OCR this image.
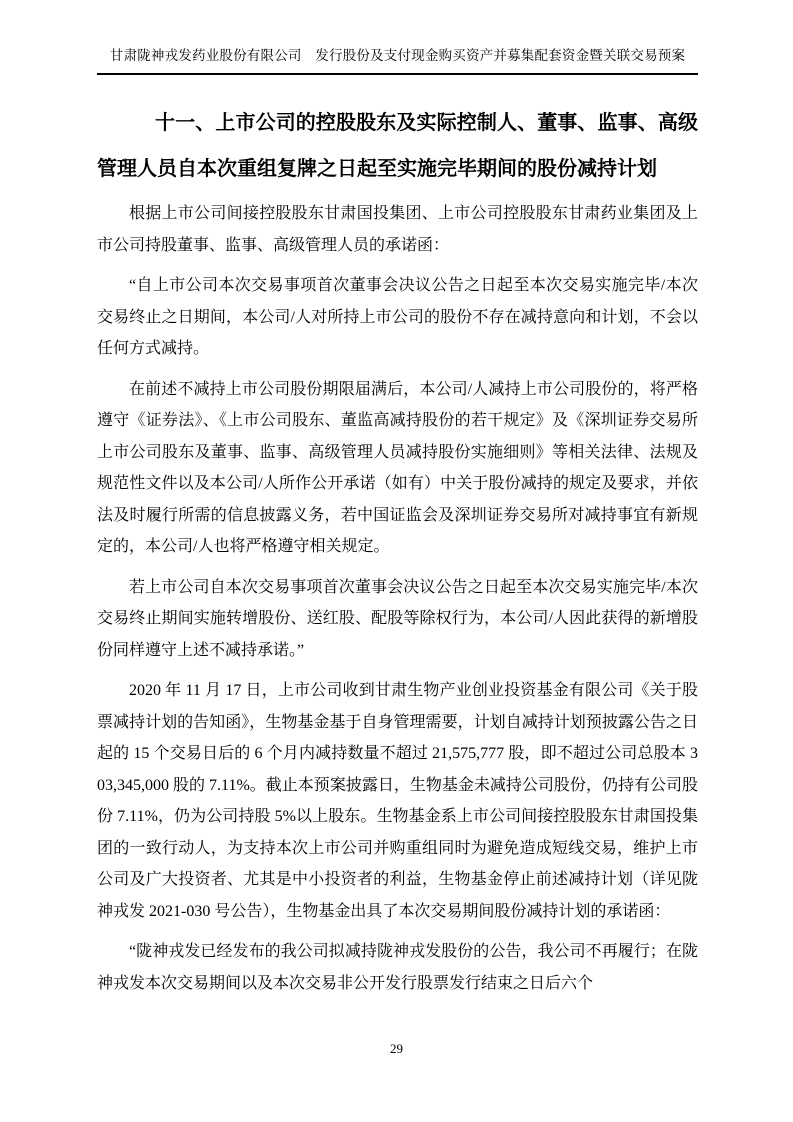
甘肃陇神戎发药业股份有限公司　发行股份及支付现金购买资产并募集配套资金暨关联交易预案
十一、上市公司的控股股东及实际控制人、董事、监事、高级管理人员自本次重组复牌之日起至实施完毕期间的股份减持计划

根据上市公司间接控股股东甘肃国投集团、上市公司控股股东甘肃药业集团及上市公司持股董事、监事、高级管理人员的承诺函：

“自上市公司本次交易事项首次董事会决议公告之日起至本次交易实施完毕/本次交易终止之日期间，本公司/人对所持上市公司的股份不存在减持意向和计划，不会以任何方式减持。

在前述不减持上市公司股份期限届满后，本公司/人减持上市公司股份的，将严格遵守《证券法》、《上市公司股东、董监高减持股份的若干规定》及《深圳证券交易所上市公司股东及董事、监事、高级管理人员减持股份实施细则》等相关法律、法规及规范性文件以及本公司/人所作公开承诺（如有）中关于股份减持的规定及要求，并依法及时履行所需的信息披露义务，若中国证监会及深圳证券交易所对减持事宜有新规定的，本公司/人也将严格遵守相关规定。

若上市公司自本次交易事项首次董事会决议公告之日起至本次交易实施完毕/本次交易终止期间实施转增股份、送红股、配股等除权行为，本公司/人因此获得的新增股份同样遵守上述不减持承诺。”

2020 年 11 月 17 日，上市公司收到甘肃生物产业创业投资基金有限公司《关于股票减持计划的告知函》，生物基金基于自身管理需要，计划自减持计划预披露公告之日起的 15 个交易日后的 6 个月内减持数量不超过 21,575,777 股，即不超过公司总股本 303,345,000 股的 7.11%。截止本预案披露日，生物基金未减持公司股份，仍持有公司股份 7.11%，仍为公司持股 5%以上股东。生物基金系上市公司间接控股股东甘肃国投集团的一致行动人，为支持本次上市公司并购重组同时为避免造成短线交易，维护上市公司及广大投资者、尤其是中小投资者的利益，生物基金停止前述减持计划（详见陇神戎发 2021-030 号公告），生物基金出具了本次交易期间股份减持计划的承诺函：

“陇神戎发已经发布的我公司拟减持陇神戎发股份的公告，我公司不再履行；在陇神戎发本次交易期间以及本次交易非公开发行股票发行结束之日后六个

29
